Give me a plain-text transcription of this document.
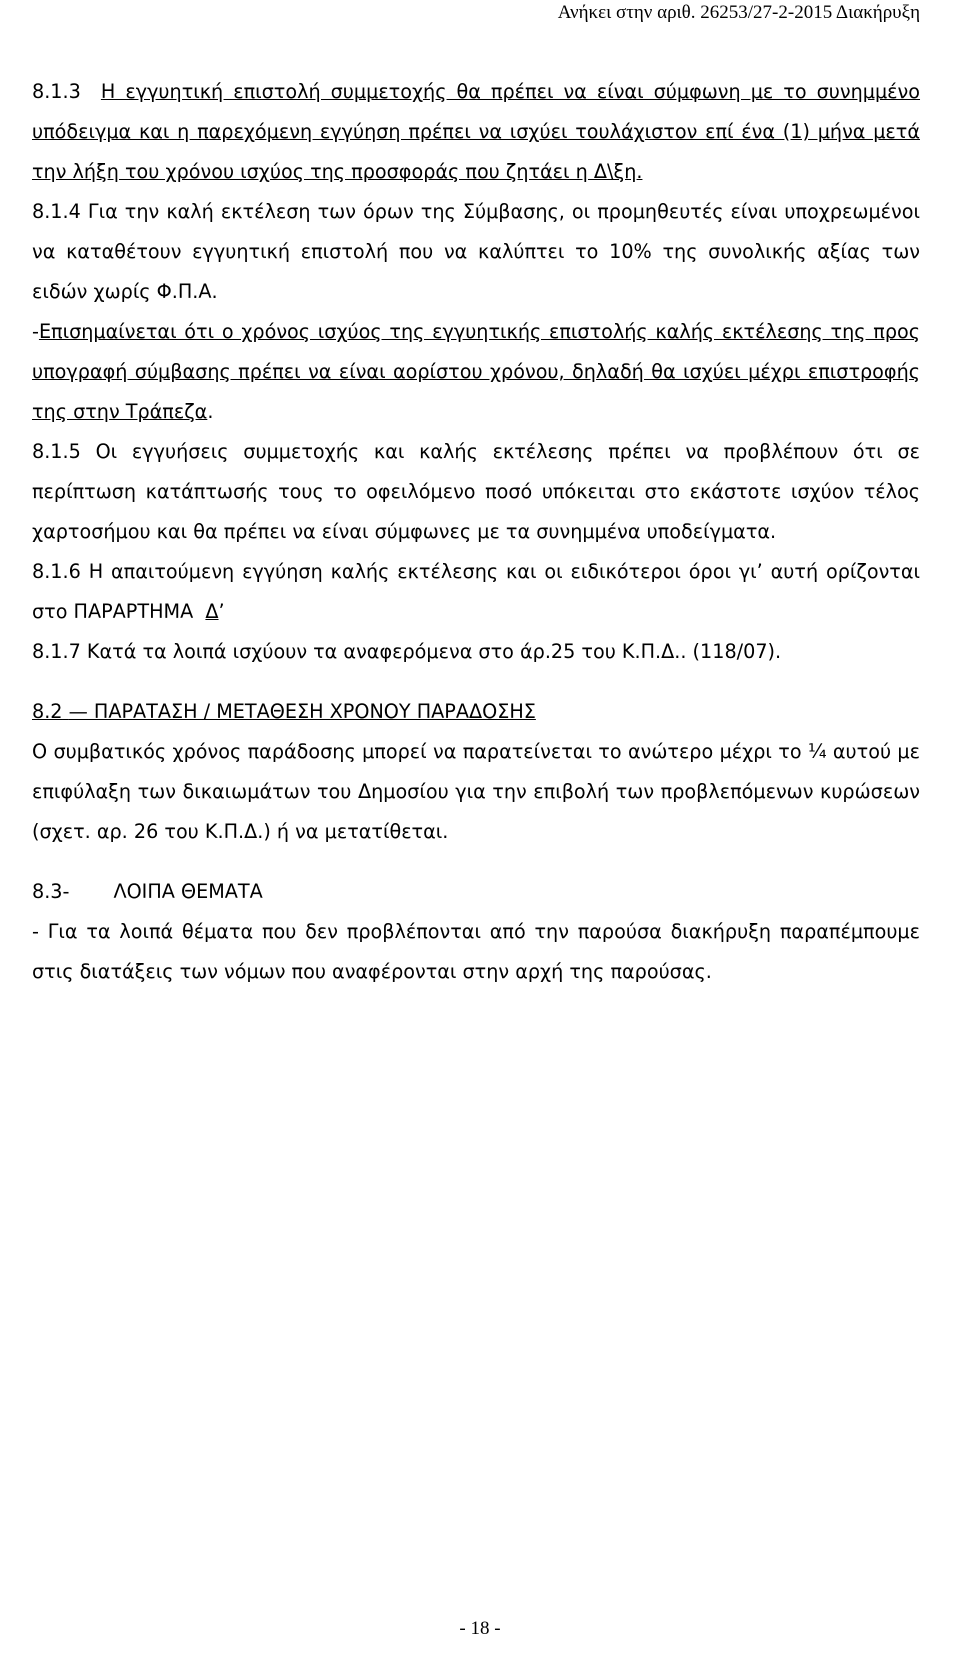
Ανήκει στην αριθ. 26253/27-2-2015 Διακήρυξη

8.1.3 Η εγγυητική επιστολή συμμετοχής θα πρέπει να είναι σύμφωνη με το συνημμένο υπόδειγμα και η παρεχόμενη εγγύηση πρέπει να ισχύει τουλάχιστον επί ένα (1) μήνα μετά την λήξη του χρόνου ισχύος της προσφοράς που ζητάει η Δ\ξη.

8.1.4 Για την καλή εκτέλεση των όρων της Σύμβασης, οι προμηθευτές είναι υποχρεωμένοι να καταθέτουν εγγυητική επιστολή που να καλύπτει το 10% της συνολικής αξίας των ειδών χωρίς Φ.Π.Α.

-Επισημαίνεται ότι ο χρόνος ισχύος της εγγυητικής επιστολής καλής εκτέλεσης της προς υπογραφή σύμβασης πρέπει να είναι αορίστου χρόνου, δηλαδή θα ισχύει μέχρι επιστροφής της στην Τράπεζα.

8.1.5 Οι εγγυήσεις συμμετοχής και καλής εκτέλεσης πρέπει να προβλέπουν ότι σε περίπτωση κατάπτωσής τους το οφειλόμενο ποσό υπόκειται στο εκάστοτε ισχύον τέλος χαρτοσήμου και θα πρέπει να είναι σύμφωνες με τα συνημμένα υποδείγματα.

8.1.6 Η απαιτούμενη εγγύηση καλής εκτέλεσης και οι ειδικότεροι όροι γι’ αυτή ορίζονται στο ΠΑΡΑΡΤΗΜΑ Δ’

8.1.7 Κατά τα λοιπά ισχύουν τα αναφερόμενα στο άρ.25 του Κ.Π.Δ.. (118/07).

8.2 — ΠΑΡΑΤΑΣΗ / ΜΕΤΑΘΕΣΗ ΧΡΟΝΟΥ ΠΑΡΑΔΟΣΗΣ

Ο συμβατικός χρόνος παράδοσης μπορεί να παρατείνεται το ανώτερο μέχρι το ¼ αυτού με επιφύλαξη των δικαιωμάτων του Δημοσίου για την επιβολή των προβλεπόμενων κυρώσεων (σχετ. αρ. 26 του Κ.Π.Δ.) ή να μετατίθεται.

8.3- ΛΟΙΠΑ ΘΕΜΑΤΑ

- Για τα λοιπά θέματα που δεν προβλέπονται από την παρούσα διακήρυξη παραπέμπουμε στις διατάξεις των νόμων που αναφέρονται στην αρχή της παρούσας.

- 18 -
